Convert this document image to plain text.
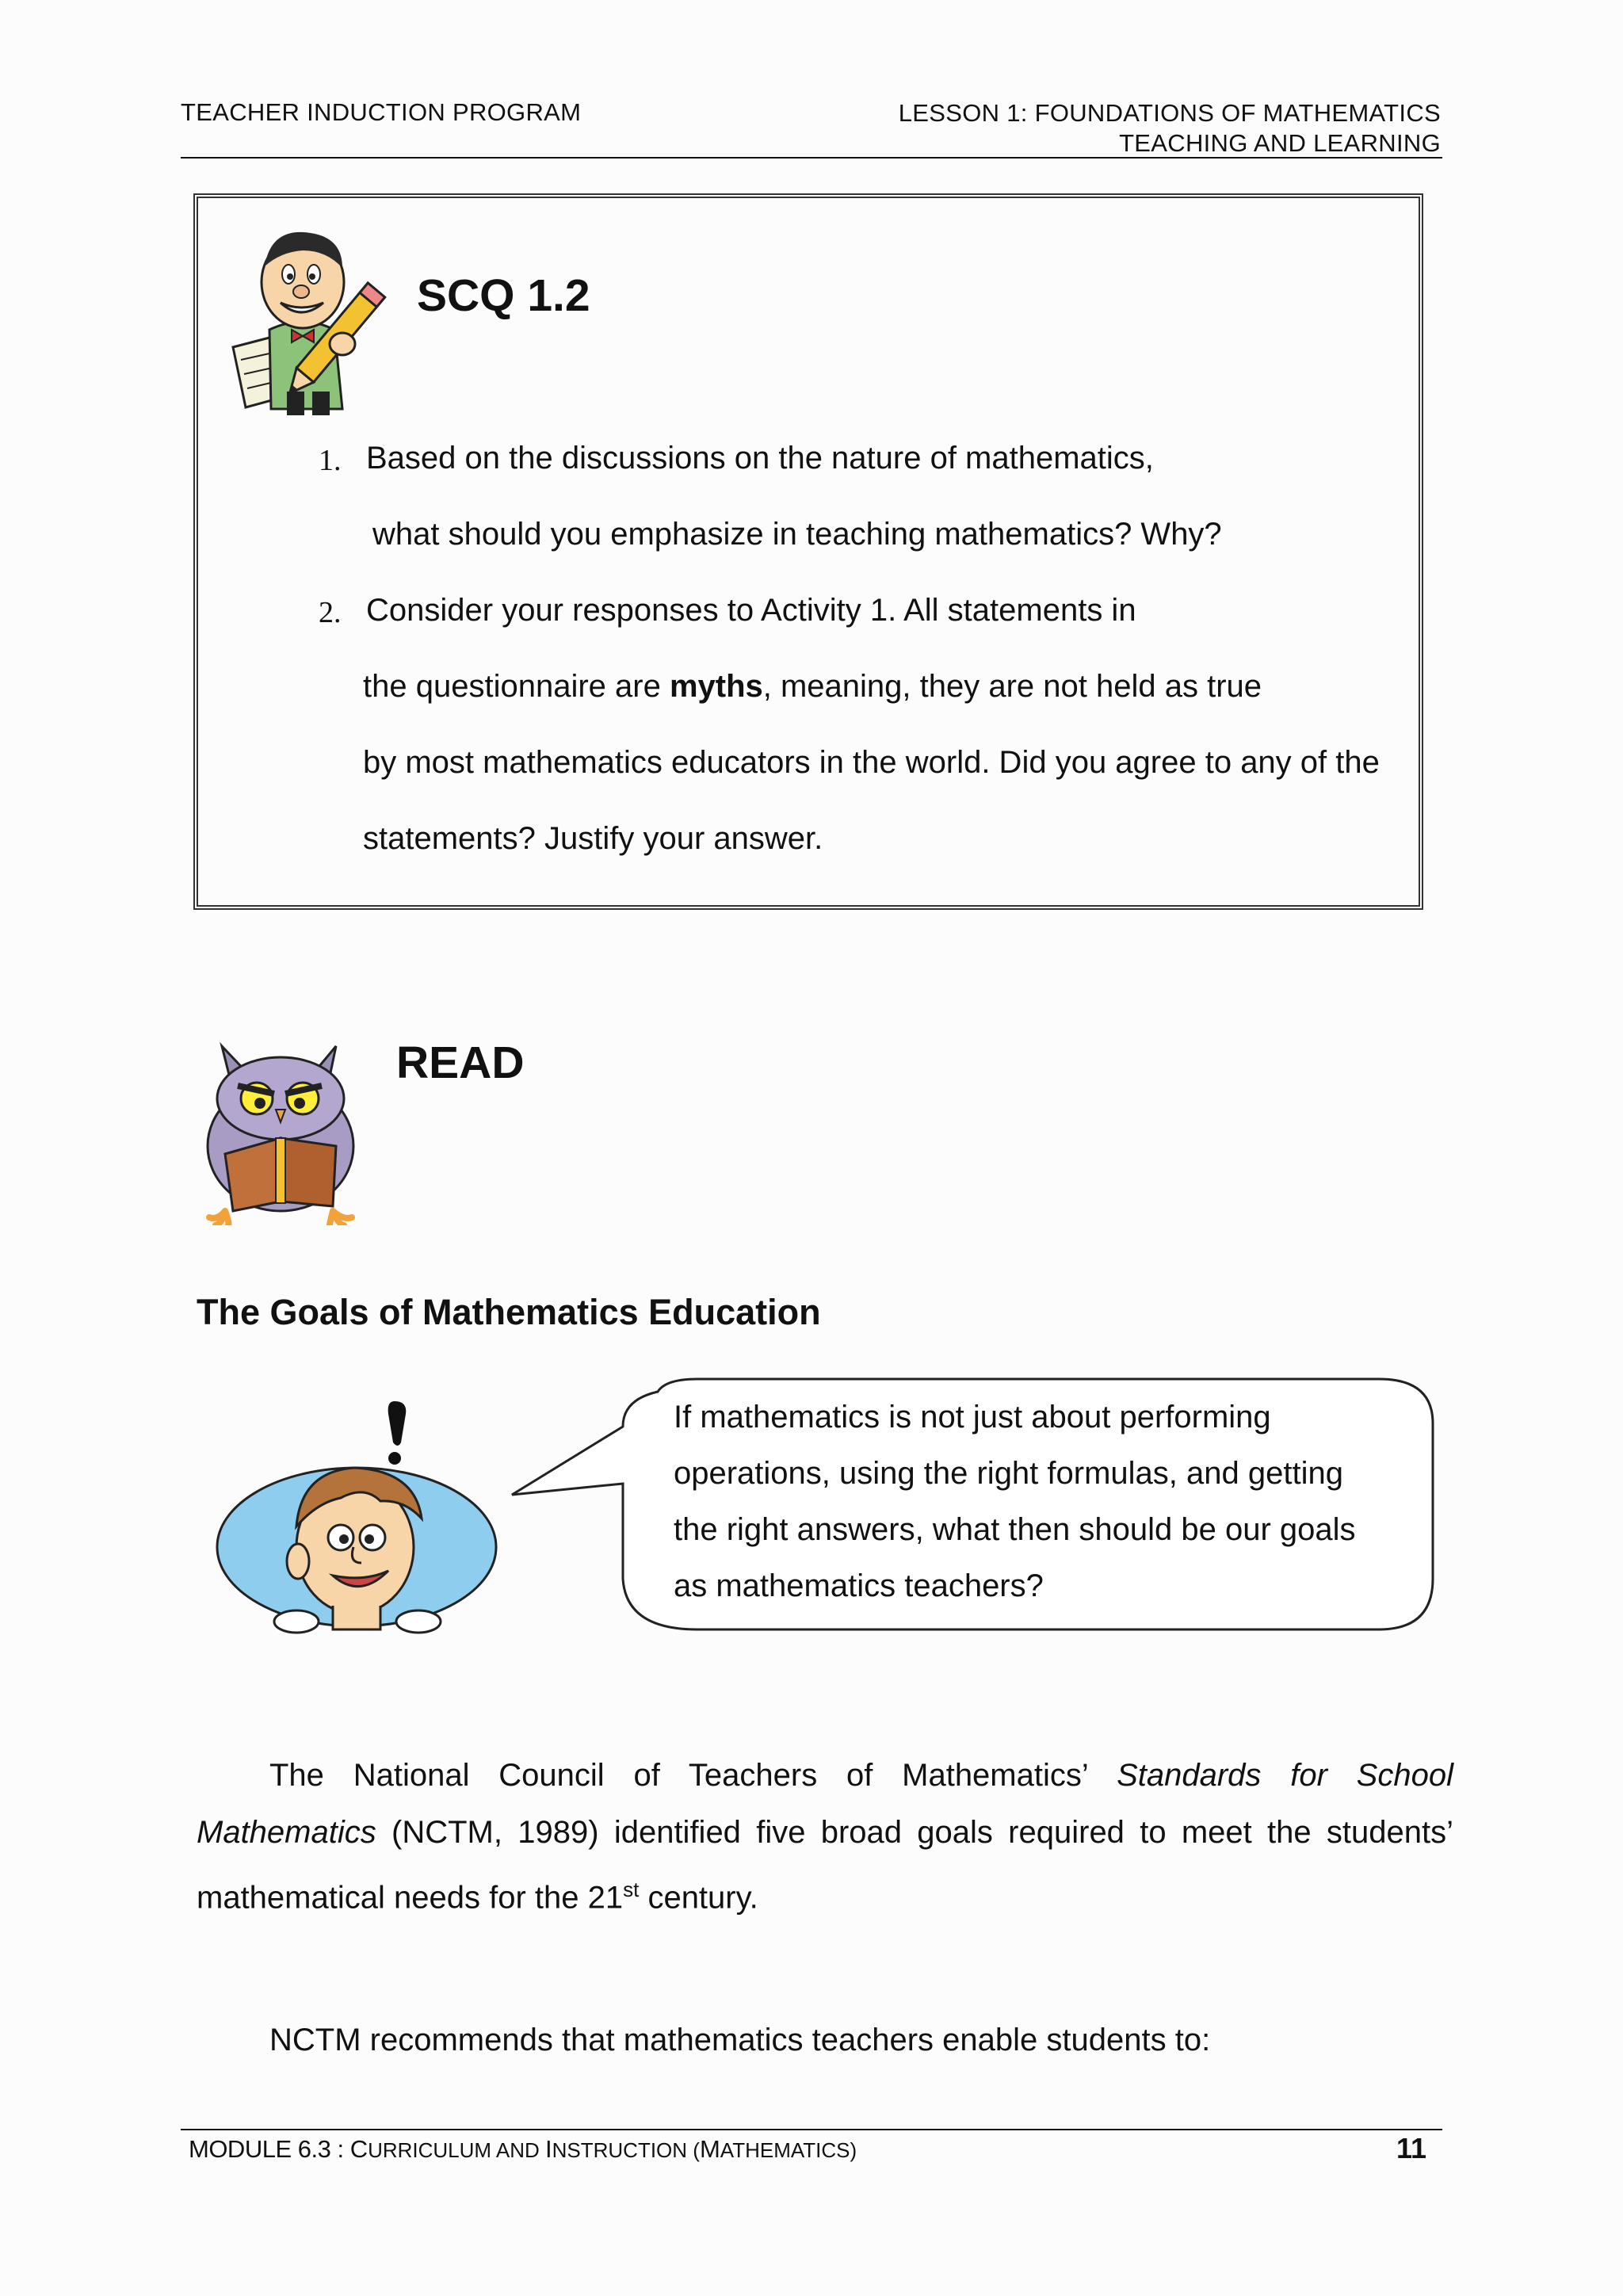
TEACHER INDUCTION PROGRAM	LESSON 1: FOUNDATIONS OF MATHEMATICS
TEACHING AND LEARNING
SCQ 1.2
1. Based on the discussions on the nature of mathematics,
what should you emphasize in teaching mathematics? Why?
2. Consider your responses to Activity 1. All statements in
the questionnaire are myths, meaning, they are not held as true
by most mathematics educators in the world. Did you agree to any of the
statements? Justify your answer.
READ
The Goals of Mathematics Education
If mathematics is not just about performing
operations, using the right formulas, and getting
the right answers, what then should be our goals
as mathematics teachers?
The National Council of Teachers of Mathematics’ Standards for School Mathematics (NCTM, 1989) identified five broad goals required to meet the students’ mathematical needs for the 21st century.
NCTM recommends that mathematics teachers enable students to:
MODULE 6.3 : CURRICULUM AND INSTRUCTION (MATHEMATICS)	11
